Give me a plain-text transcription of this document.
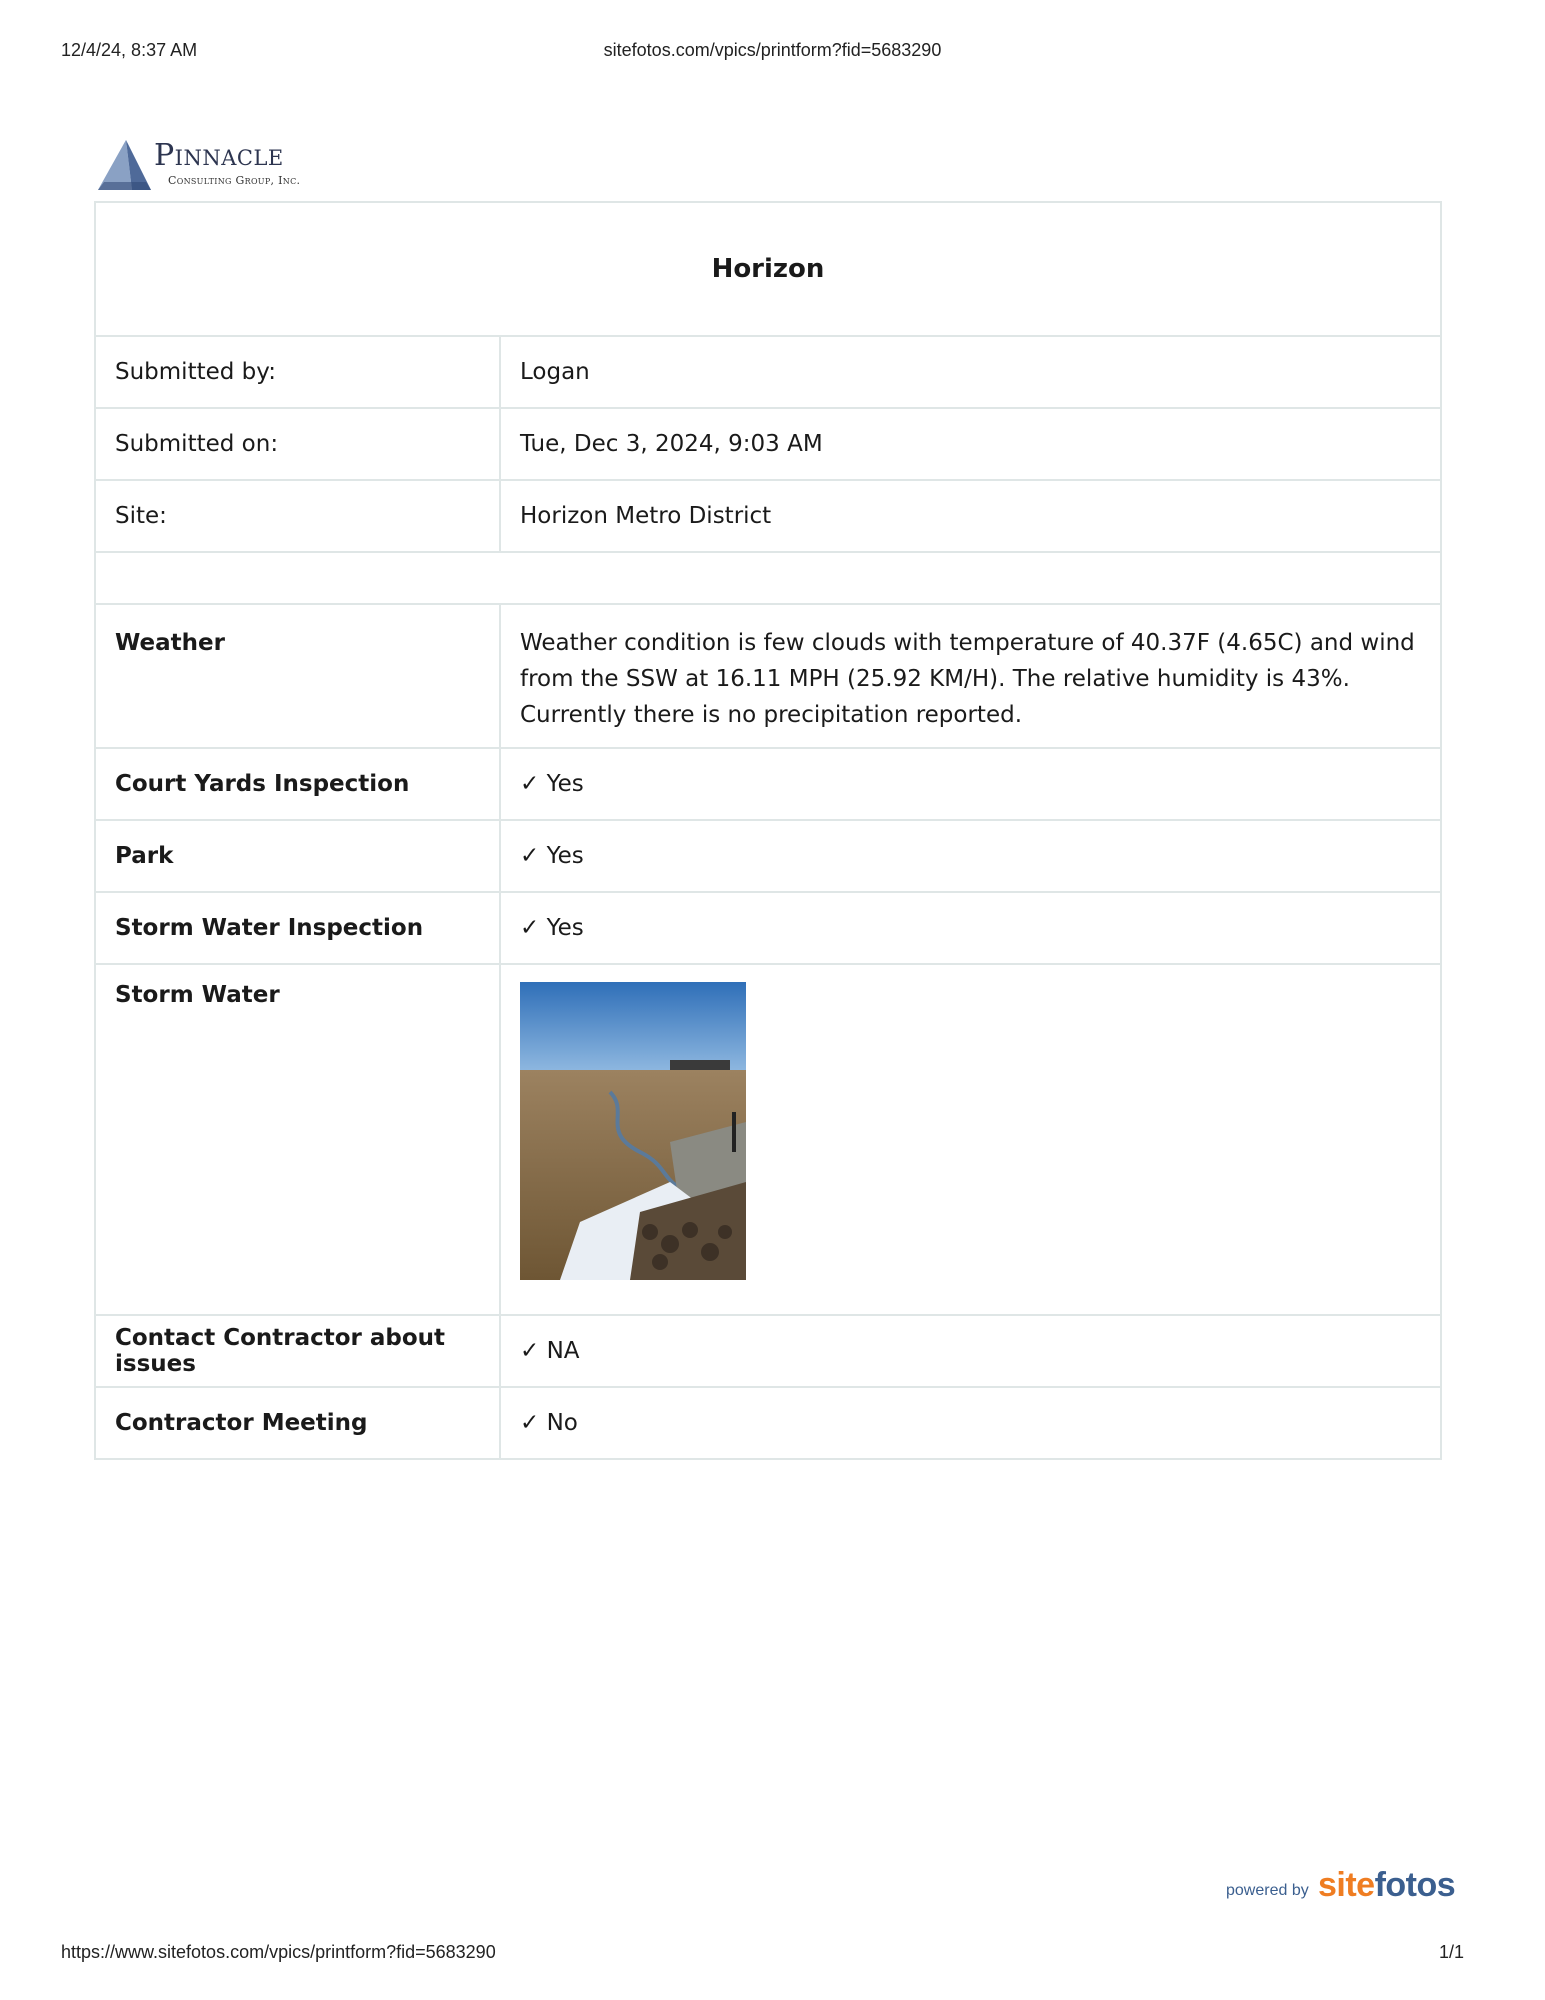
12/4/24, 8:37 AM	sitefotos.com/vpics/printform?fid=5683290
Pinnacle
Consulting Group, Inc.
Horizon	
Submitted by:	Logan
Submitted on:	Tue, Dec 3, 2024, 9:03 AM
Site:	Horizon Metro District

Weather	Weather condition is few clouds with temperature of 40.37F (4.65C) and wind from the SSW at 16.11 MPH (25.92 KM/H). The relative humidity is 43%. Currently there is no precipitation reported.
Court Yards Inspection	✓ Yes
Park	✓ Yes
Storm Water Inspection	✓ Yes
Storm Water	

Contact Contractor about issues	✓ NA
Contractor Meeting	✓ No
powered by sitefotos
https://www.sitefotos.com/vpics/printform?fid=5683290	1/1
